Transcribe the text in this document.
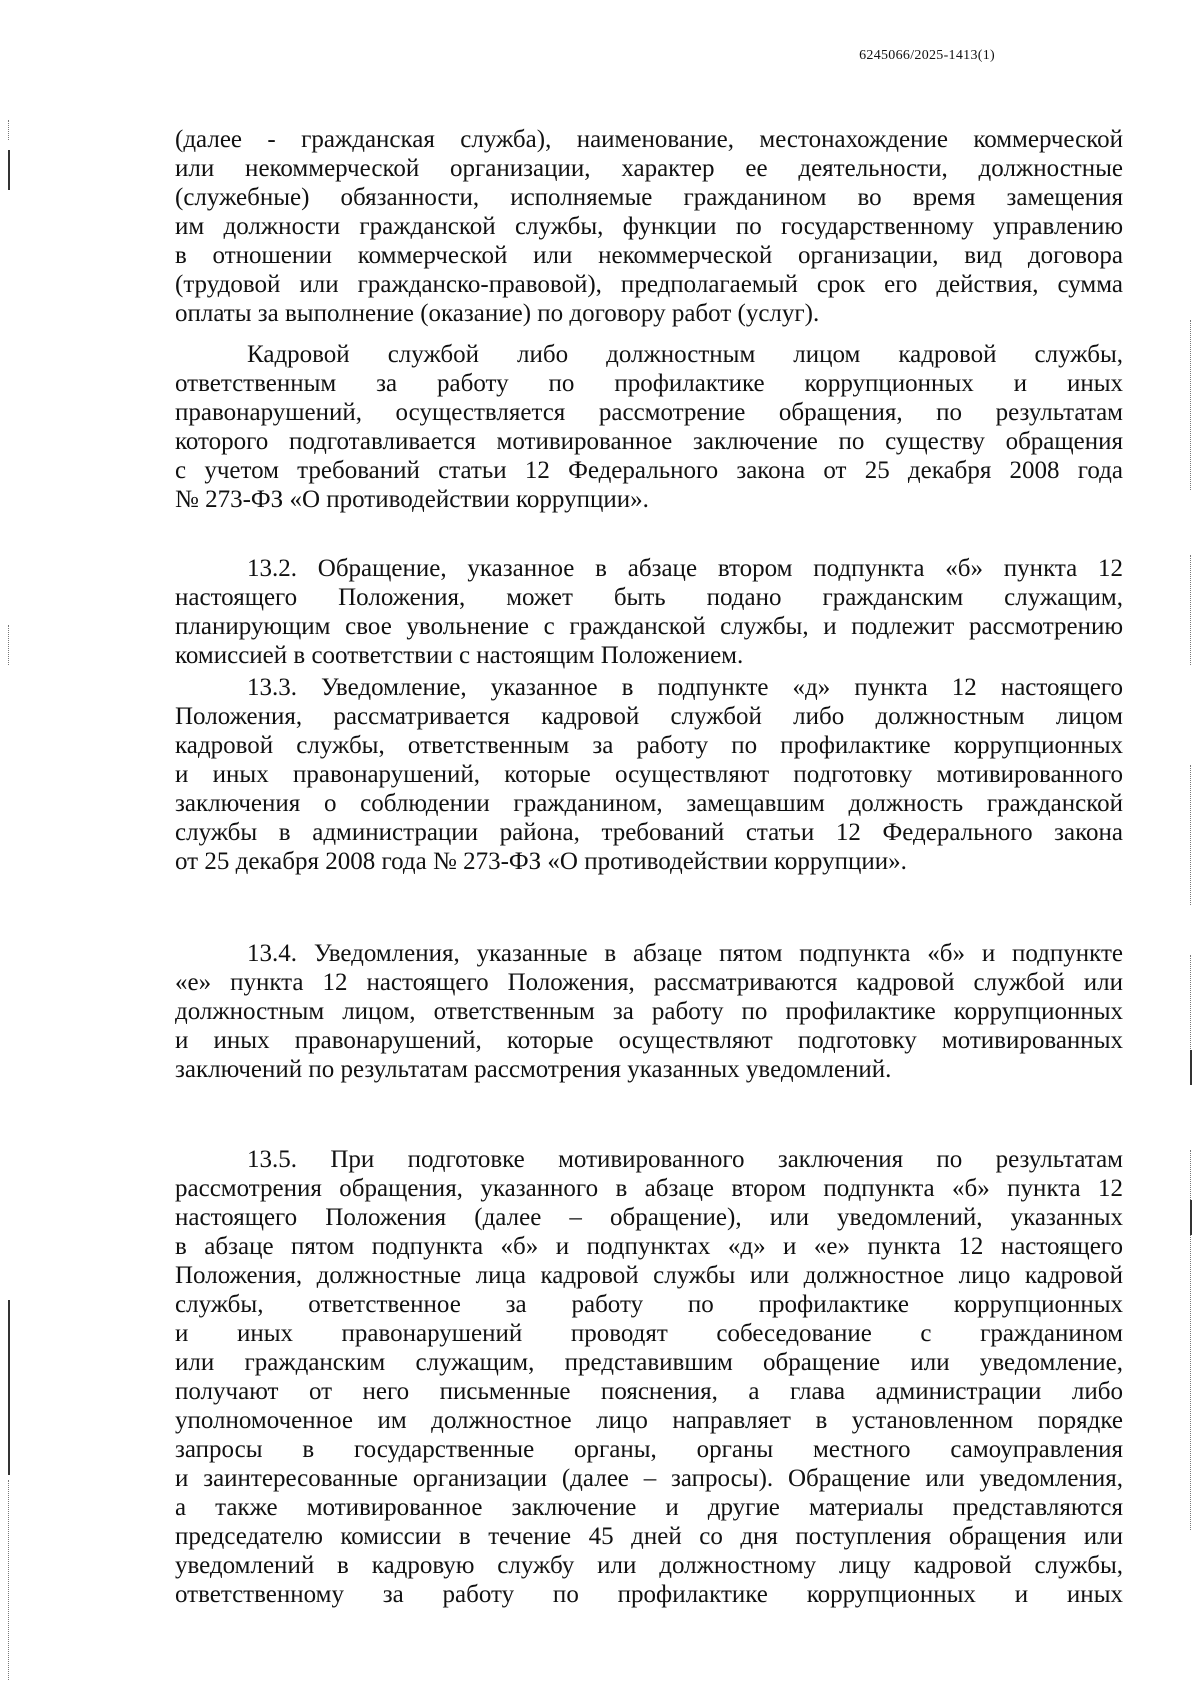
6245066/2025-1413(1)
(далее - гражданская служба), наименование, местонахождение коммерческой
или некоммерческой организации, характер ее деятельности, должностные
(служебные) обязанности, исполняемые гражданином во время замещения
им должности гражданской службы, функции по государственному управлению
в отношении коммерческой или некоммерческой организации, вид договора
(трудовой или гражданско-правовой), предполагаемый срок его действия, сумма
оплаты за выполнение (оказание) по договору работ (услуг).
Кадровой службой либо должностным лицом кадровой службы,
ответственным за работу по профилактике коррупционных и иных
правонарушений, осуществляется рассмотрение обращения, по результатам
которого подготавливается мотивированное заключение по существу обращения
с учетом требований статьи 12 Федерального закона от 25 декабря 2008 года
№ 273-ФЗ «О противодействии коррупции».
13.2. Обращение, указанное в абзаце втором подпункта «б» пункта 12
настоящего Положения, может быть подано гражданским служащим,
планирующим свое увольнение с гражданской службы, и подлежит рассмотрению
комиссией в соответствии с настоящим Положением.
13.3. Уведомление, указанное в подпункте «д» пункта 12 настоящего
Положения, рассматривается кадровой службой либо должностным лицом
кадровой службы, ответственным за работу по профилактике коррупционных
и иных правонарушений, которые осуществляют подготовку мотивированного
заключения о соблюдении гражданином, замещавшим должность гражданской
службы в администрации района, требований статьи 12 Федерального закона
от 25 декабря 2008 года № 273-ФЗ «О противодействии коррупции».
13.4. Уведомления, указанные в абзаце пятом подпункта «б» и подпункте
«е» пункта 12 настоящего Положения, рассматриваются кадровой службой или
должностным лицом, ответственным за работу по профилактике коррупционных
и иных правонарушений, которые осуществляют подготовку мотивированных
заключений по результатам рассмотрения указанных уведомлений.
13.5. При подготовке мотивированного заключения по результатам
рассмотрения обращения, указанного в абзаце втором подпункта «б» пункта 12
настоящего Положения (далее – обращение), или уведомлений, указанных
в абзаце пятом подпункта «б» и подпунктах «д» и «е» пункта 12 настоящего
Положения, должностные лица кадровой службы или должностное лицо кадровой
службы, ответственное за работу по профилактике коррупционных
и иных правонарушений проводят собеседование с гражданином
или гражданским служащим, представившим обращение или уведомление,
получают от него письменные пояснения, а глава администрации либо
уполномоченное им должностное лицо направляет в установленном порядке
запросы в государственные органы, органы местного самоуправления
и заинтересованные организации (далее – запросы). Обращение или уведомления,
а также мотивированное заключение и другие материалы представляются
председателю комиссии в течение 45 дней со дня поступления обращения или
уведомлений в кадровую службу или должностному лицу кадровой службы,
ответственному за работу по профилактике коррупционных и иных
